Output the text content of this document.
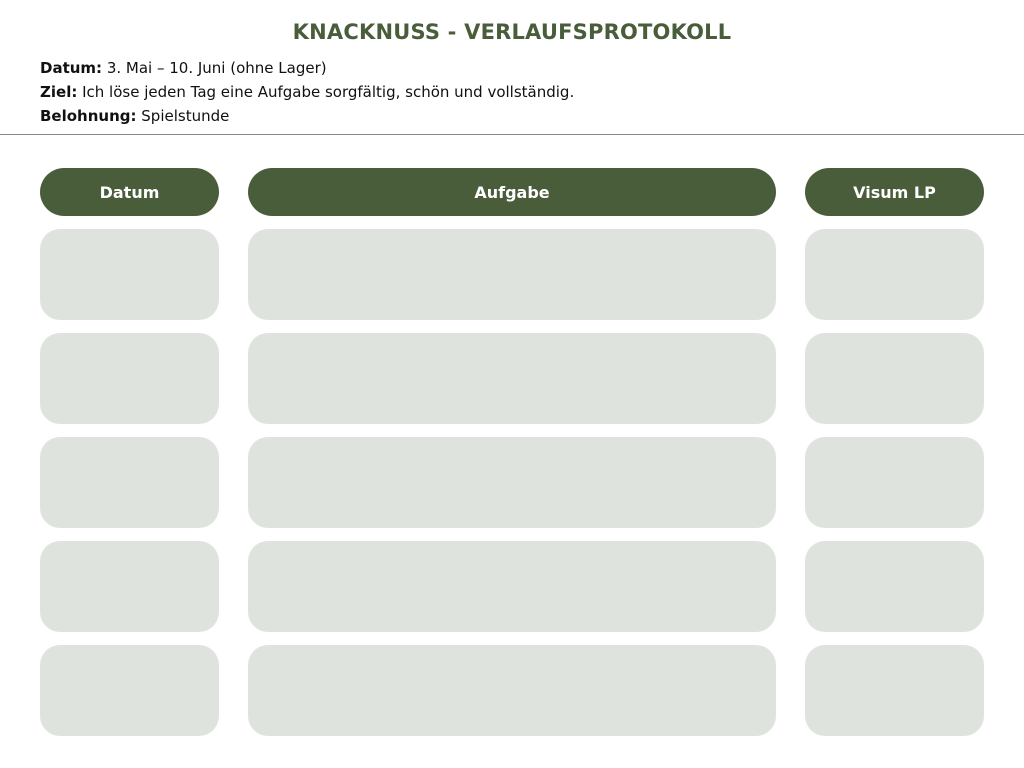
KNACKNUSS - VERLAUFSPROTOKOLL
Datum: 3. Mai – 10. Juni (ohne Lager)
Ziel: Ich löse jeden Tag eine Aufgabe sorgfältig, schön und vollständig.
Belohnung: Spielstunde
Datum	Aufgabe	Visum LP
